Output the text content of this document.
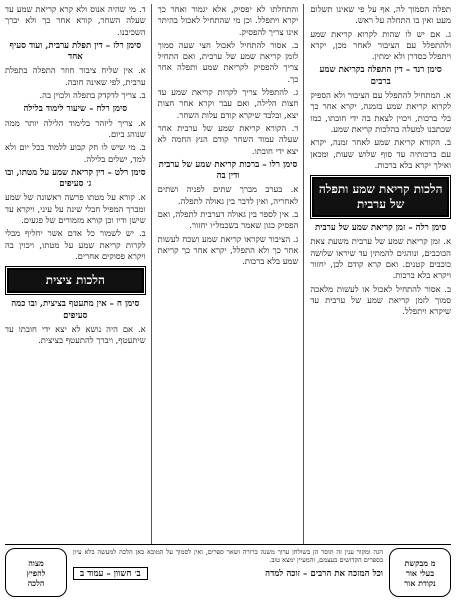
תפלה הסמוך לה, אף על פי שאינו תשלום מעט ואין בו התחלה על ראש.

ג. אם יש לו שהות לקרוא קריאת שמע ולהתפלל עם הציבור לאחר מכן, יקרא ויתפלל כסדרן ולא ימתין.

סימן רנד – דין התפלה בקריאת שמע ברבים

א. המתחיל להתפלל עם הציבור ולא הספיק לקרוא קריאת שמע בזמנה, יקרא אחר כך בלי ברכות, ויכוין לצאת בה ידי חובתו, כמו שכתבנו למעלה בהלכות קריאת שמע.

ב. הקורא קריאת שמע לאחר זמנה, יקרא עם ברכותיה עד סוף שלוש שעות, ומכאן ואילך יקרא בלא ברכות.

הלכות קריאת שמע ותפלה של ערבית
סימן רלה – זמן קריאת שמע של ערבית

א. זמן קריאת שמע של ערבית משעת צאת הכוכבים, ונוהגים להמתין עד שיראו שלושה כוכבים קטנים. ואם קרא קודם לכן, יחזור ויקרא בלא ברכות.

ב. אסור להתחיל לאכול או לעשות מלאכה סמוך לזמן קריאת שמע של ערבית עד שיקרא ויתפלל.

והתחלתו לא יפסיק, אלא יגמור ואחר כך יקרא ויתפלל. וכן מי שהתחיל לאכול בהיתר אינו צריך להפסיק.

ב. אסור להתחיל לאכול חצי שעה סמוך לזמן קריאת שמע של ערבית, ואם התחיל צריך להפסיק לקריאת שמע ותפלה אחר כך.

ג. להתפלל צריך לקרות קריאת שמע עד חצות הלילה, ואם עבר וקרא אחר חצות יצא, ובלבד שיקרא קודם עלות השחר.

ד. הקורא קריאת שמע של ערבית אחר שעלה עמוד השחר קודם הנץ החמה לא יצא ידי חובתו.

סימן רלו – ברכות קריאת שמע של ערבית ודין בה

א. בערב מברך שתים לפניה ושתים לאחריה, ואין לדבר בין גאולה לתפלה.

ב. אין לספר בין גאולה דערבית לתפלה, ואם הפסיק כגון שאמר בשכמל״ו יחזור.

ג. הציבור שקראו קריאת שמע ושכח לעשות אחר כך ולא התפלל, יקרא אחר כך קריאת שמע בלא ברכות.

ד. מי שהיה אנוס ולא קרא קריאת שמע עד שעלה השחר, קורא אחר כך ולא יברך השכיבנו.

סימן רלז – דין תפלת ערבית, ועוד סעיף אחד

א. אין שליח ציבור חוזר התפלה בתפלת ערבית, לפי שאינה חובה.

ב. צריך לדקדק בתפלה ולכוין בה.

סימן רלח – שיעור לימוד בלילה

א. צריך ליזהר בלימוד הלילה יותר ממה שנוהג ביום.

ב. מי שיש לו חק קבוע ללמוד בכל יום ולא למד, ישלים בלילה.

סימן רלט – דין קריאת שמע על מטתו, ובו ג׳ סעיפים

א. קורא על מטתו פרשה ראשונה של שמע ומברך המפיל חבלי שינה על עיני, ויקרא עד שישן ודיו וכן קורא מזמורים של פגעים.

ב. יש לשמור כל אדם אשר יחליף מבלי לקרות קריאת שמע על מטתו, ויכוין בה ויקרא פסוקים אחרים.

הלכות ציצית
סימן ח – אין מתעטף בציצית, ובו כמה סעיפים

א. אם היה נושא לא יצא ידי חובתו עד שיתעטף, ויברך להתעטף בציצית.

מ מבקשת
בעלי אור
נקודת אור
הגה ומקור ענין זה תוסר הן בשולחן ערוך משנה ברורה ושאר ספרים, ואין לסמוך על המובא כאן הלכה למעשה בלא עיון בספרים הקדושים בעצמם, והמעיין ימצא טוב.
וכל המזכה את הרבים – זוכה למדה
ב׳ חשוון – עמוד ב
מצוה
להפיץ
הלכה
